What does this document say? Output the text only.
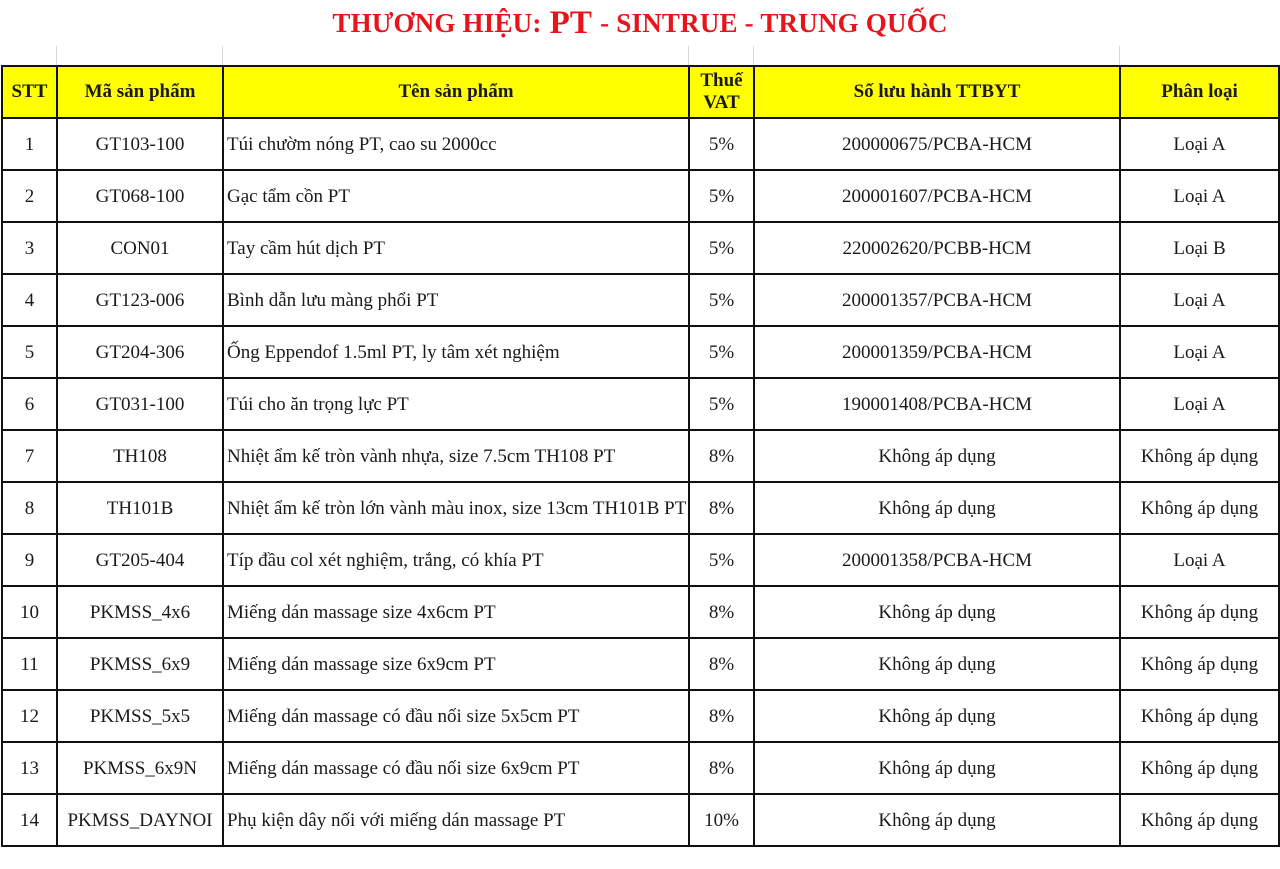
THƯƠNG HIỆU: PT - SINTRUE - TRUNG QUỐC
STT	Mã sản phẩm	Tên sản phẩm	Thuế VAT	Số lưu hành TTBYT	Phân loại
1	GT103-100	Túi chườm nóng PT, cao su 2000cc	5%	200000675/PCBA-HCM	Loại A
2	GT068-100	Gạc tẩm cồn PT	5%	200001607/PCBA-HCM	Loại A
3	CON01	Tay cầm hút dịch PT	5%	220002620/PCBB-HCM	Loại B
4	GT123-006	Bình dẫn lưu màng phổi PT	5%	200001357/PCBA-HCM	Loại A
5	GT204-306	Ống Eppendof 1.5ml PT, ly tâm xét nghiệm	5%	200001359/PCBA-HCM	Loại A
6	GT031-100	Túi cho ăn trọng lực PT	5%	190001408/PCBA-HCM	Loại A
7	TH108	Nhiệt ẩm kế tròn vành nhựa, size 7.5cm TH108 PT	8%	Không áp dụng	Không áp dụng
8	TH101B	Nhiệt ẩm kế tròn lớn vành màu inox, size 13cm TH101B PT	8%	Không áp dụng	Không áp dụng
9	GT205-404	Típ đầu col xét nghiệm, trắng, có khía PT	5%	200001358/PCBA-HCM	Loại A
10	PKMSS_4x6	Miếng dán massage size 4x6cm PT	8%	Không áp dụng	Không áp dụng
11	PKMSS_6x9	Miếng dán massage size 6x9cm PT	8%	Không áp dụng	Không áp dụng
12	PKMSS_5x5	Miếng dán massage có đầu nối size 5x5cm PT	8%	Không áp dụng	Không áp dụng
13	PKMSS_6x9N	Miếng dán massage có đầu nối size 6x9cm PT	8%	Không áp dụng	Không áp dụng
14	PKMSS_DAYNOI	Phụ kiện dây nối với miếng dán massage PT	10%	Không áp dụng	Không áp dụng
